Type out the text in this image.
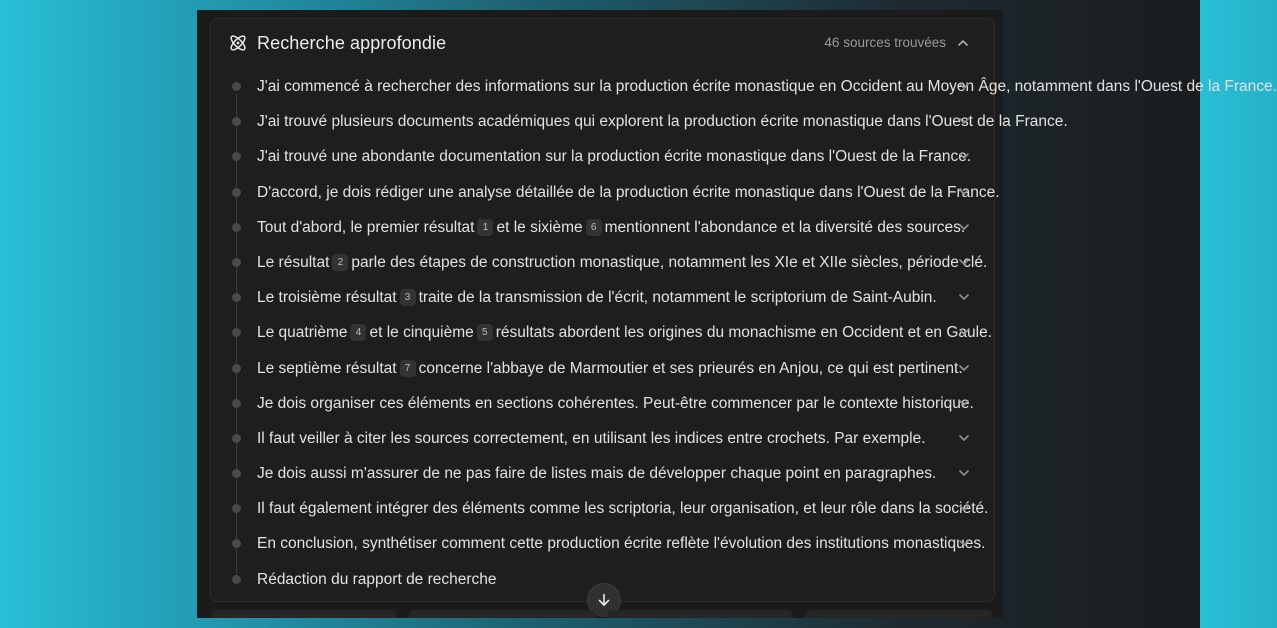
Recherche approfondie	46 sources trouvées
J'ai commencé à rechercher des informations sur la production écrite monastique en Occident au Moyen Âge, notamment dans l'Ouest de la France.
J'ai trouvé plusieurs documents académiques qui explorent la production écrite monastique dans l'Ouest de la France.
J'ai trouvé une abondante documentation sur la production écrite monastique dans l'Ouest de la France.
D'accord, je dois rédiger une analyse détaillée de la production écrite monastique dans l'Ouest de la France.
Tout d'abord, le premier résultat 1 et le sixième 6 mentionnent l'abondance et la diversité des sources.
Le résultat 2 parle des étapes de construction monastique, notamment les XIe et XIIe siècles, période clé.
Le troisième résultat 3 traite de la transmission de l'écrit, notamment le scriptorium de Saint-Aubin.
Le quatrième 4 et le cinquième 5 résultats abordent les origines du monachisme en Occident et en Gaule.
Le septième résultat 7 concerne l'abbaye de Marmoutier et ses prieurés en Anjou, ce qui est pertinent.
Je dois organiser ces éléments en sections cohérentes. Peut-être commencer par le contexte historique.
Il faut veiller à citer les sources correctement, en utilisant les indices entre crochets. Par exemple.
Je dois aussi m'assurer de ne pas faire de listes mais de développer chaque point en paragraphes.
Il faut également intégrer des éléments comme les scriptoria, leur organisation, et leur rôle dans la société.
En conclusion, synthétiser comment cette production écrite reflète l'évolution des institutions monastiques.
Rédaction du rapport de recherche
